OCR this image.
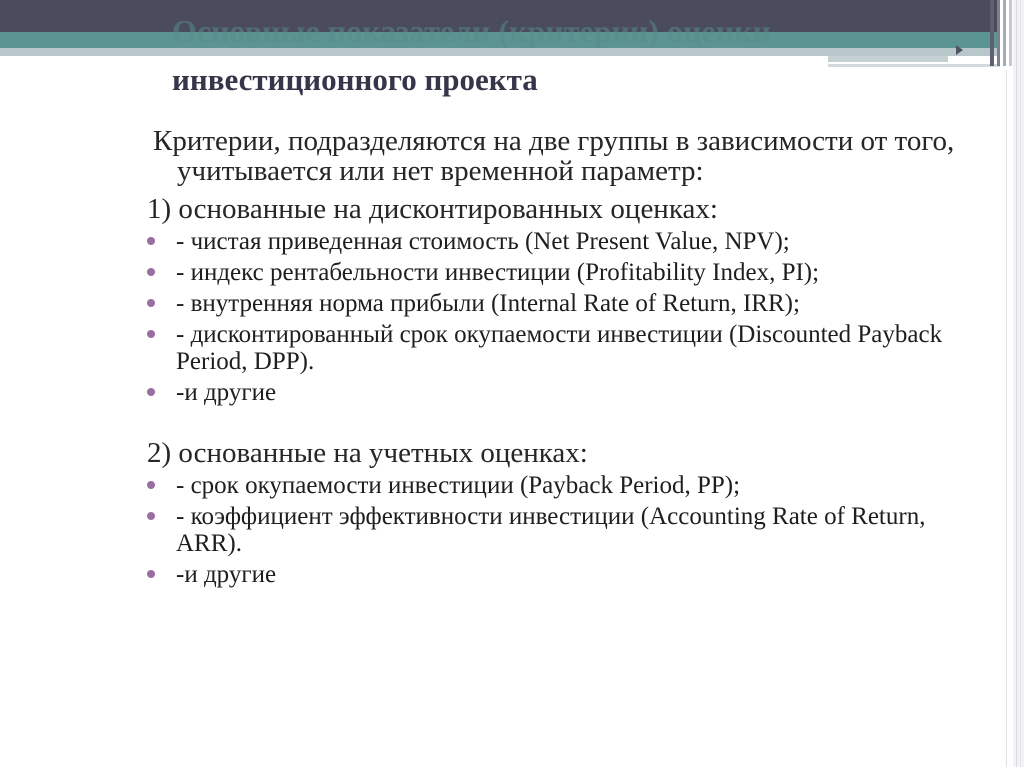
Основные показатели (критерии) оценки
инвестиционного проекта

Критерии, подразделяются на две группы в зависимости от того, учитывается или нет временной параметр:

1) основанные на дисконтированных оценках:
- чистая приведенная стоимость (Net Present Value, NPV);
- индекс рентабельности инвестиции (Profitability Index, PI);
- внутренняя норма прибыли (Internal Rate of Return, IRR);
- дисконтированный срок окупаемости инвестиции (Discounted Payback Period, DPP).
-и другие
2) основанные на учетных оценках:
- срок окупаемости инвестиции (Payback Period, PP);
- коэффициент эффективности инвестиции (Accounting Rate of Return, ARR).
-и другие
